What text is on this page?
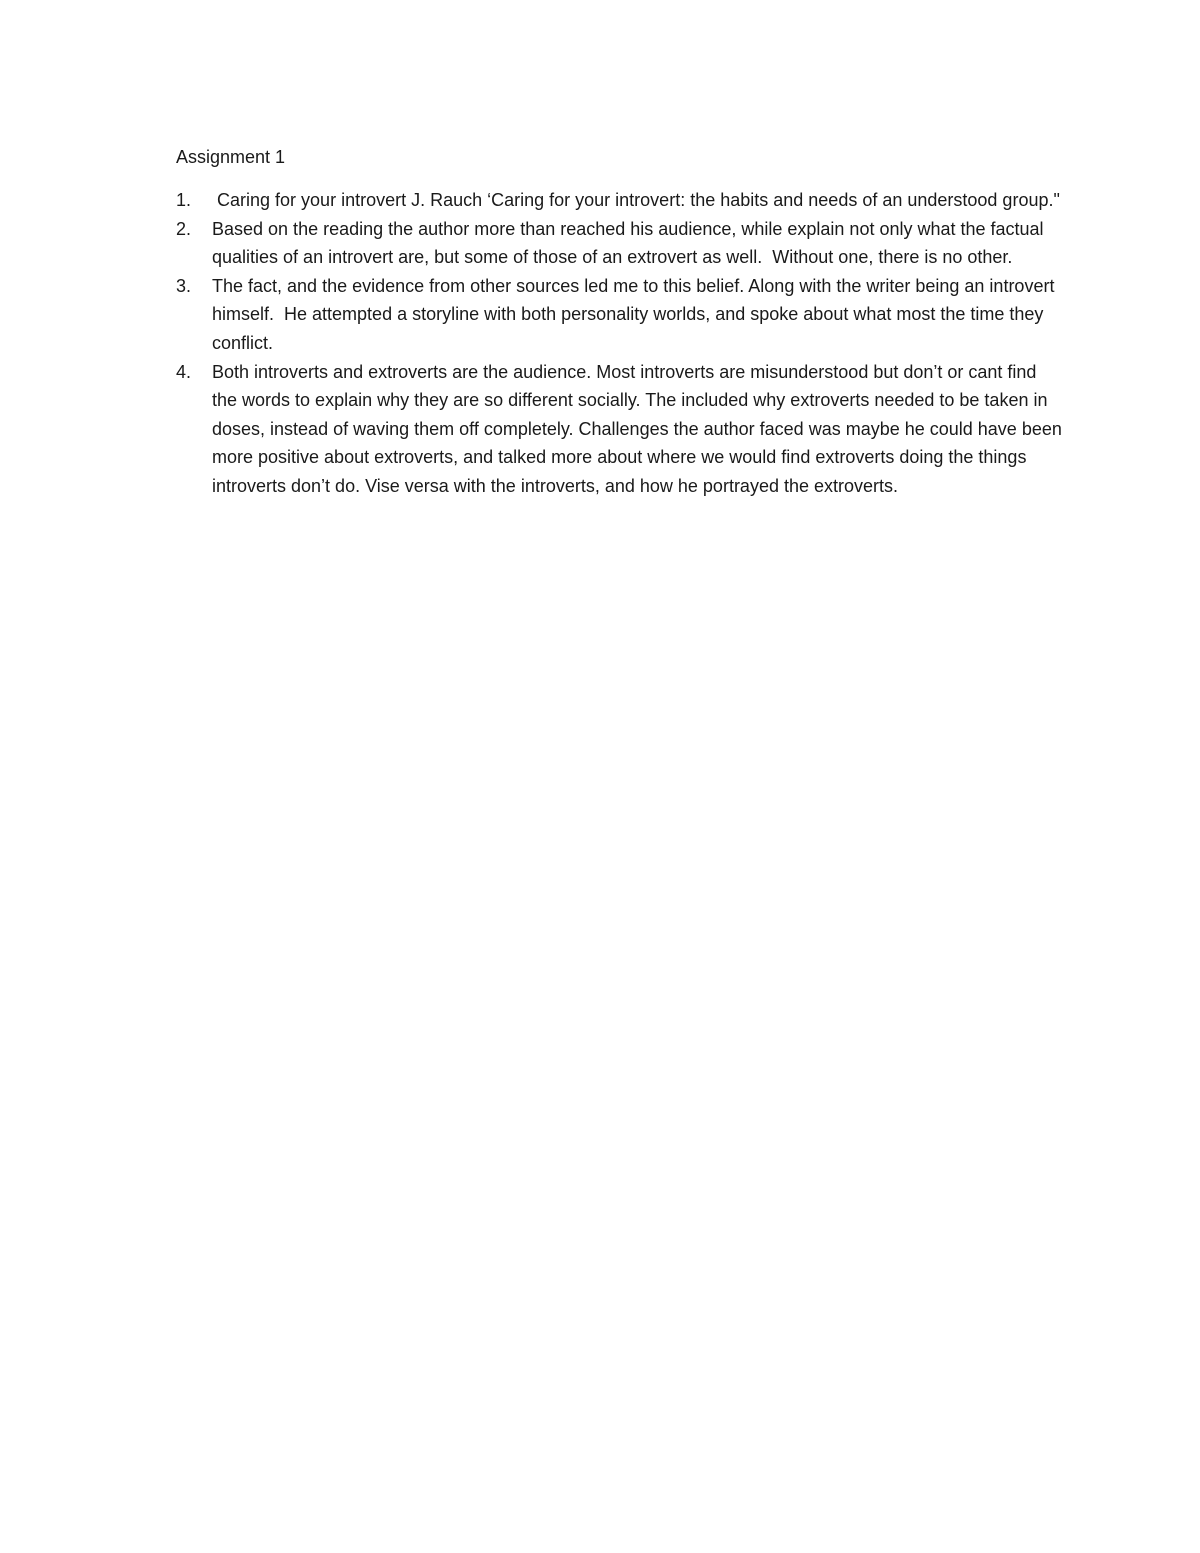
Assignment 1
1.	Caring for your introvert J. Rauch ‘Caring for your introvert: the habits and needs of an understood group."
2.	Based on the reading the author more than reached his audience, while explain not only what the factual qualities of an introvert are, but some of those of an extrovert as well.  Without one, there is no other.
3.	The fact, and the evidence from other sources led me to this belief. Along with the writer being an introvert himself.  He attempted a storyline with both personality worlds, and spoke about what most the time they conflict.
4.	Both introverts and extroverts are the audience. Most introverts are misunderstood but don’t or cant find the words to explain why they are so different socially. The included why extroverts needed to be taken in doses, instead of waving them off completely. Challenges the author faced was maybe he could have been more positive about extroverts, and talked more about where we would find extroverts doing the things introverts don’t do. Vise versa with the introverts, and how he portrayed the extroverts.
